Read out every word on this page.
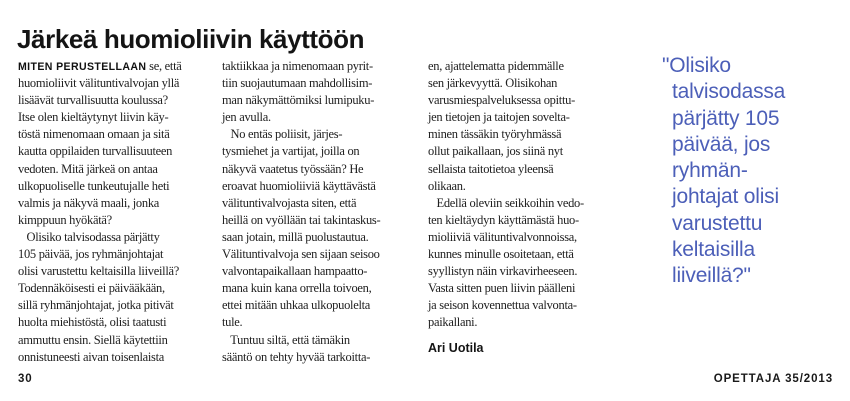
Järkeä huomioliivin käyttöön
MITEN PERUSTELLAAN se, että
huomioliivit välituntivalvojan yllä
lisäävät turvallisuutta koulussa?
Itse olen kieltäytynyt liivin käy-
töstä nimenomaan omaan ja sitä
kautta oppilaiden turvallisuuteen
vedoten. Mitä järkeä on antaa
ulkopuoliselle tunkeutujalle heti
valmis ja näkyvä maali, jonka
kimppuun hyökätä?
Olisiko talvisodassa pärjätty
105 päivää, jos ryhmänjohtajat
olisi varustettu keltaisilla liiveillä?
Todennäköisesti ei päivääkään,
sillä ryhmänjohtajat, jotka pitivät
huolta miehistöstä, olisi taatusti
ammuttu ensin. Siellä käytettiin
onnistuneesti aivan toisenlaista
taktiikkaa ja nimenomaan pyrit-
tiin suojautumaan mahdollisim-
man näkymättömiksi lumipuku-
jen avulla.
No entäs poliisit, järjes-
tysmiehet ja vartijat, joilla on
näkyvä vaatetus työssään? He
eroavat huomioliiviä käyttävästä
välituntivalvojasta siten, että
heillä on vyöllään tai takintaskus-
saan jotain, millä puolustautua.
Välituntivalvoja sen sijaan seisoo
valvontapaikallaan hampaatto-
mana kuin kana orrella toivoen,
ettei mitään uhkaa ulkopuolelta
tule.
Tuntuu siltä, että tämäkin
sääntö on tehty hyvää tarkoitta-
en, ajattelematta pidemmälle
sen järkevyyttä. Olisikohan
varusmiespalveluksessa opittu-
jen tietojen ja taitojen sovelta-
minen tässäkin työryhmässä
ollut paikallaan, jos siinä nyt
sellaista taitotietoa yleensä
olikaan.
Edellä oleviin seikkoihin vedo-
ten kieltäydyn käyttämästä huo-
mioliiviä välituntivalvonnoissa,
kunnes minulle osoitetaan, että
syyllistyn näin virkavirheeseen.
Vasta sitten puen liivin päälleni
ja seison kovennettua valvonta-
paikallani.
Ari Uotila
"Olisiko
talvisodassa
pärjätty 105
päivää, jos
ryhmän-
johtajat olisi
varustettu
keltaisilla
liiveillä?"
30	OPETTAJA 35/2013
